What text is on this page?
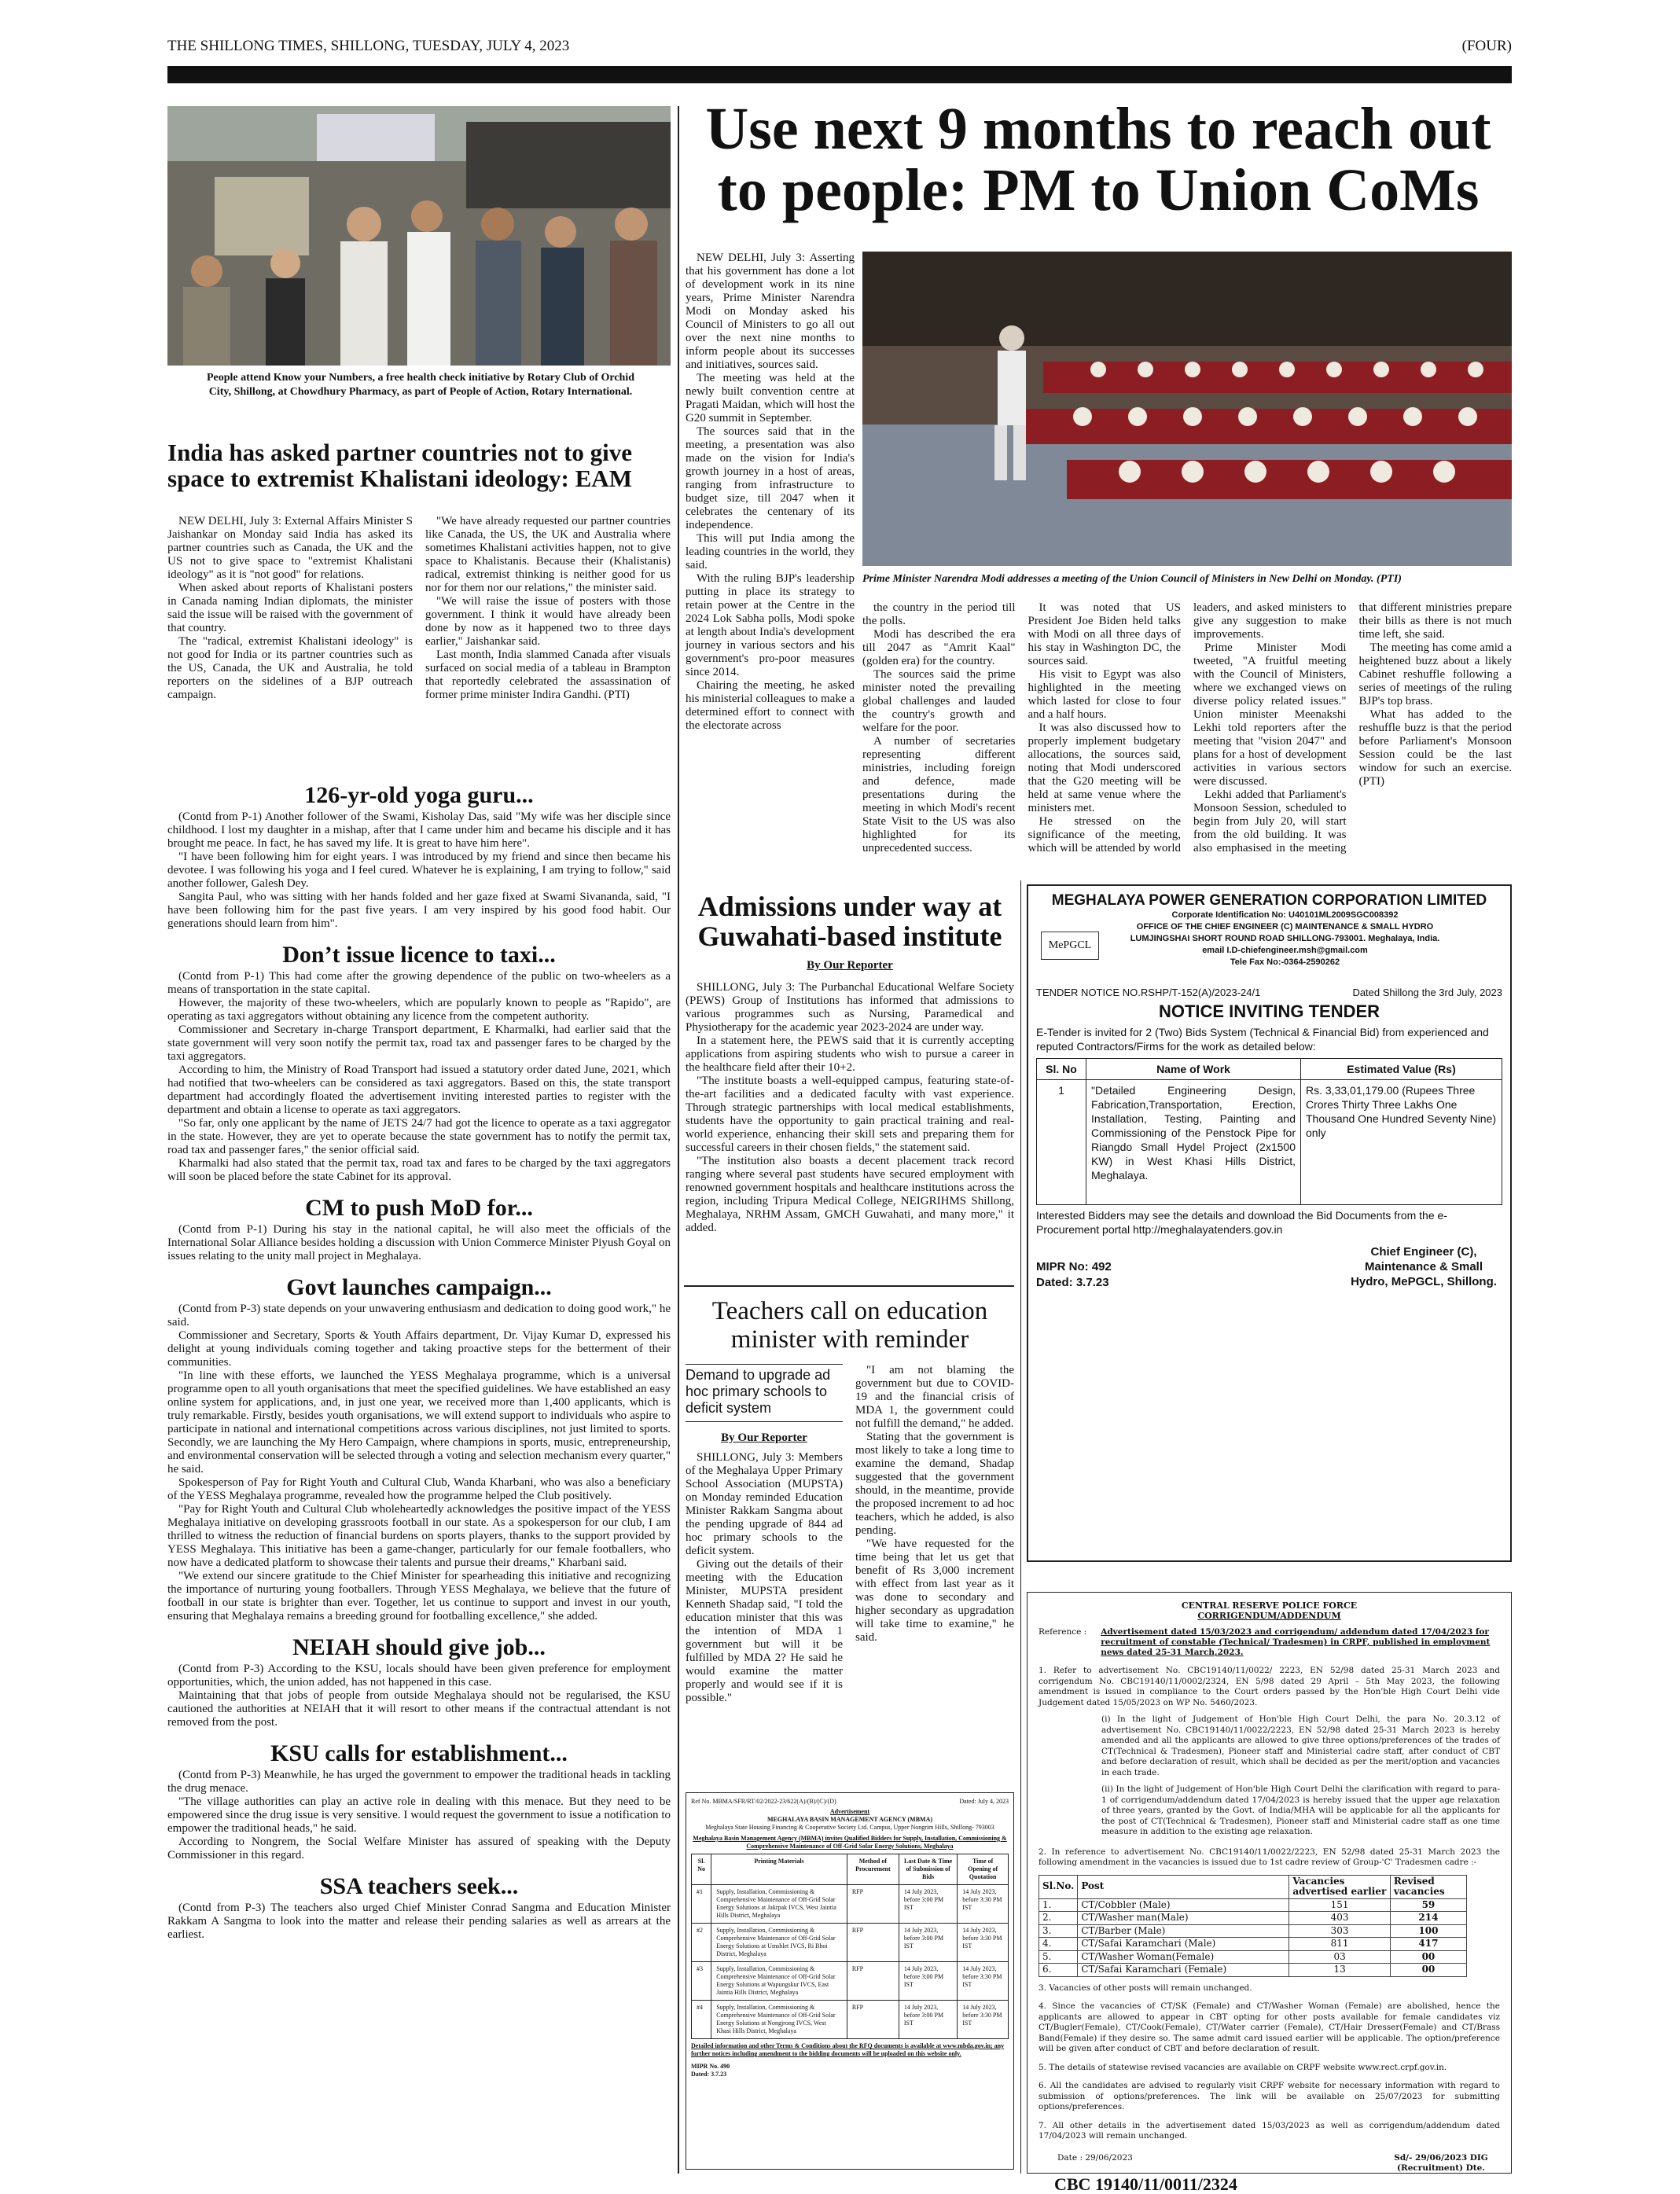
THE SHILLONG TIMES, SHILLONG, TUESDAY, JULY 4, 2023	(FOUR)
People attend Know your Numbers, a free health check initiative by Rotary Club of Orchid City, Shillong, at Chowdhury Pharmacy, as part of People of Action, Rotary International.
India has asked partner countries not to give space to extremist Khalistani ideology: EAM

NEW DELHI, July 3: External Affairs Minister S Jaishankar on Monday said India has asked its partner countries such as Canada, the UK and the US not to give space to "extremist Khalistani ideology" as it is "not good" for relations.

When asked about reports of Khalistani posters in Canada naming Indian diplomats, the minister said the issue will be raised with the government of that country.

The "radical, extremist Khalistani ideology" is not good for India or its partner countries such as the US, Canada, the UK and Australia, he told reporters on the sidelines of a BJP outreach campaign.

"We have already requested our partner countries like Canada, the US, the UK and Australia where sometimes Khalistani activities happen, not to give space to Khalistanis. Because their (Khalistanis) radical, extremist thinking is neither good for us nor for them nor our relations," the minister said.

"We will raise the issue of posters with those government. I think it would have already been done by now as it happened two to three days earlier," Jaishankar said.

Last month, India slammed Canada after visuals surfaced on social media of a tableau in Brampton that reportedly celebrated the assassination of former prime minister Indira Gandhi. (PTI)

126-yr-old yoga guru...

(Contd from P-1) Another follower of the Swami, Kisholay Das, said "My wife was her disciple since childhood. I lost my daughter in a mishap, after that I came under him and became his disciple and it has brought me peace. In fact, he has saved my life. It is great to have him here".

"I have been following him for eight years. I was introduced by my friend and since then became his devotee. I was following his yoga and I feel cured. Whatever he is explaining, I am trying to follow," said another follower, Galesh Dey.

Sangita Paul, who was sitting with her hands folded and her gaze fixed at Swami Sivananda, said, "I have been following him for the past five years. I am very inspired by his good food habit. Our generations should learn from him".

Don’t issue licence to taxi...

(Contd from P-1) This had come after the growing dependence of the public on two-wheelers as a means of transportation in the state capital.

However, the majority of these two-wheelers, which are popularly known to people as "Rapido", are operating as taxi aggregators without obtaining any licence from the competent authority.

Commissioner and Secretary in-charge Transport department, E Kharmalki, had earlier said that the state government will very soon notify the permit tax, road tax and passenger fares to be charged by the taxi aggregators.

According to him, the Ministry of Road Transport had issued a statutory order dated June, 2021, which had notified that two-wheelers can be considered as taxi aggregators. Based on this, the state transport department had accordingly floated the advertisement inviting interested parties to register with the department and obtain a license to operate as taxi aggregators.

"So far, only one applicant by the name of JETS 24/7 had got the licence to operate as a taxi aggregator in the state. However, they are yet to operate because the state government has to notify the permit tax, road tax and passenger fares," the senior official said.

Kharmalki had also stated that the permit tax, road tax and fares to be charged by the taxi aggregators will soon be placed before the state Cabinet for its approval.

CM to push MoD for...

(Contd from P-1) During his stay in the national capital, he will also meet the officials of the International Solar Alliance besides holding a discussion with Union Commerce Minister Piyush Goyal on issues relating to the unity mall project in Meghalaya.

Govt launches campaign...

(Contd from P-3) state depends on your unwavering enthusiasm and dedication to doing good work," he said.

Commissioner and Secretary, Sports & Youth Affairs department, Dr. Vijay Kumar D, expressed his delight at young individuals coming together and taking proactive steps for the betterment of their communities.

"In line with these efforts, we launched the YESS Meghalaya programme, which is a universal programme open to all youth organisations that meet the specified guidelines. We have established an easy online system for applications, and, in just one year, we received more than 1,400 applicants, which is truly remarkable. Firstly, besides youth organisations, we will extend support to individuals who aspire to participate in national and international competitions across various disciplines, not just limited to sports. Secondly, we are launching the My Hero Campaign, where champions in sports, music, entrepreneurship, and environmental conservation will be selected through a voting and selection mechanism every quarter," he said.

Spokesperson of Pay for Right Youth and Cultural Club, Wanda Kharbani, who was also a beneficiary of the YESS Meghalaya programme, revealed how the programme helped the Club positively.

"Pay for Right Youth and Cultural Club wholeheartedly acknowledges the positive impact of the YESS Meghalaya initiative on developing grassroots football in our state. As a spokesperson for our club, I am thrilled to witness the reduction of financial burdens on sports players, thanks to the support provided by YESS Meghalaya. This initiative has been a game-changer, particularly for our female footballers, who now have a dedicated platform to showcase their talents and pursue their dreams," Kharbani said.

"We extend our sincere gratitude to the Chief Minister for spearheading this initiative and recognizing the importance of nurturing young footballers. Through YESS Meghalaya, we believe that the future of football in our state is brighter than ever. Together, let us continue to support and invest in our youth, ensuring that Meghalaya remains a breeding ground for footballing excellence," she added.

NEIAH should give job...

(Contd from P-3) According to the KSU, locals should have been given preference for employment opportunities, which, the union added, has not happened in this case.

Maintaining that that jobs of people from outside Meghalaya should not be regularised, the KSU cautioned the authorities at NEIAH that it will resort to other means if the contractual attendant is not removed from the post.

KSU calls for establishment...

(Contd from P-3) Meanwhile, he has urged the government to empower the traditional heads in tackling the drug menace.

"The village authorities can play an active role in dealing with this menace. But they need to be empowered since the drug issue is very sensitive. I would request the government to issue a notification to empower the traditional heads," he said.

According to Nongrem, the Social Welfare Minister has assured of speaking with the Deputy Commissioner in this regard.

SSA teachers seek...

(Contd from P-3) The teachers also urged Chief Minister Conrad Sangma and Education Minister Rakkam A Sangma to look into the matter and release their pending salaries as well as arrears at the earliest.

Use next 9 months to reach out to people: PM to Union CoMs

NEW DELHI, July 3: Asserting that his government has done a lot of development work in its nine years, Prime Minister Narendra Modi on Monday asked his Council of Ministers to go all out over the next nine months to inform people about its successes and initiatives, sources said.

The meeting was held at the newly built convention centre at Pragati Maidan, which will host the G20 summit in September.

The sources said that in the meeting, a presentation was also made on the vision for India's growth journey in a host of areas, ranging from infrastructure to budget size, till 2047 when it celebrates the centenary of its independence.

This will put India among the leading countries in the world, they said.

With the ruling BJP's leadership putting in place its strategy to retain power at the Centre in the 2024 Lok Sabha polls, Modi spoke at length about India's development journey in various sectors and his government's pro-poor measures since 2014.

Chairing the meeting, he asked his ministerial colleagues to make a determined effort to connect with the electorate across

Prime Minister Narendra Modi addresses a meeting of the Union Council of Ministers in New Delhi on Monday. (PTI)

the country in the period till the polls.

Modi has described the era till 2047 as "Amrit Kaal" (golden era) for the country.

The sources said the prime minister noted the prevailing global challenges and lauded the country's growth and welfare for the poor.

A number of secretaries representing different ministries, including foreign and defence, made presentations during the meeting in which Modi's recent State Visit to the US was also highlighted for its unprecedented success.

It was noted that US President Joe Biden held talks with Modi on all three days of his stay in Washington DC, the sources said.

His visit to Egypt was also highlighted in the meeting which lasted for close to four and a half hours.

It was also discussed how to properly implement budgetary allocations, the sources said, noting that Modi underscored that the G20 meeting will be held at same venue where the ministers met.

He stressed on the significance of the meeting, which will be attended by world leaders, and asked ministers to give any suggestion to make improvements.

Prime Minister Modi tweeted, "A fruitful meeting with the Council of Ministers, where we exchanged views on diverse policy related issues." Union minister Meenakshi Lekhi told reporters after the meeting that "vision 2047" and plans for a host of development activities in various sectors were discussed.

Lekhi added that Parliament's Monsoon Session, scheduled to begin from July 20, will start from the old building. It was also emphasised in the meeting that different ministries prepare their bills as there is not much time left, she said.

The meeting has come amid a heightened buzz about a likely Cabinet reshuffle following a series of meetings of the ruling BJP's top brass.

What has added to the reshuffle buzz is that the period before Parliament's Monsoon Session could be the last window for such an exercise. (PTI)

Admissions under way at Guwahati-based institute
By Our Reporter

SHILLONG, July 3: The Purbanchal Educational Welfare Society (PEWS) Group of Institutions has informed that admissions to various programmes such as Nursing, Paramedical and Physiotherapy for the academic year 2023-2024 are under way.

In a statement here, the PEWS said that it is currently accepting applications from aspiring students who wish to pursue a career in the healthcare field after their 10+2.

"The institute boasts a well-equipped campus, featuring state-of-the-art facilities and a dedicated faculty with vast experience. Through strategic partnerships with local medical establishments, students have the opportunity to gain practical training and real-world experience, enhancing their skill sets and preparing them for successful careers in their chosen fields," the statement said.

"The institution also boasts a decent placement track record ranging where several past students have secured employment with renowned government hospitals and healthcare institutions across the region, including Tripura Medical College, NEIGRIHMS Shillong, Meghalaya, NRHM Assam, GMCH Guwahati, and many more," it added.

Teachers call on education minister with reminder
Demand to upgrade ad hoc primary schools to deficit system
By Our Reporter

SHILLONG, July 3: Members of the Meghalaya Upper Primary School Association (MUPSTA) on Monday reminded Education Minister Rakkam Sangma about the pending upgrade of 844 ad hoc primary schools to the deficit system.

Giving out the details of their meeting with the Education Minister, MUPSTA president Kenneth Shadap said, "I told the education minister that this was the intention of MDA 1 government but will it be fulfilled by MDA 2? He said he would examine the matter properly and would see if it is possible."

"I am not blaming the government but due to COVID-19 and the financial crisis of MDA 1, the government could not fulfill the demand," he added.

Stating that the government is most likely to take a long time to examine the demand, Shadap suggested that the government should, in the meantime, provide the proposed increment to ad hoc teachers, which he added, is also pending.

"We have requested for the time being that let us get that benefit of Rs 3,000 increment with effect from last year as it was done to secondary and higher secondary as upgradation will take time to examine," he said.

Ref No. MBMA/SFR/RT/02/2022-23/622(A)/(B)/(C)/(D)	Dated: July 4, 2023
Advertisement
MEGHALAYA BASIN MANAGEMENT AGENCY (MBMA)
Meghalaya State Housing Financing & Cooperative Society Ltd. Campus, Upper Nongrim Hills, Shillong- 793003
Meghalaya Basin Management Agency (MBMA) invites Qualified Bidders for Supply, Installation, Commissioning & Comprehensive Maintenance of Off-Grid Solar Energy Solutions, Meghalaya
Sl. No	Printing Materials	Method of Procurement	Last Date & Time of Submission of Bids	Time of Opening of Quotation
#1	Supply, Installation, Commissioning & Comprehensive Maintenance of Off-Grid Solar Energy Solutions at Jakrpak IVCS, West Jaintia Hills District, Meghalaya	RFP	14 July 2023, before 3:00 PM IST	14 July 2023, before 3:30 PM IST
#2	Supply, Installation, Commissioning & Comprehensive Maintenance of Off-Grid Solar Energy Solutions at Umshlet IVCS, Ri Bhoi District, Meghalaya	RFP	14 July 2023, before 3:00 PM IST	14 July 2023, before 3:30 PM IST
#3	Supply, Installation, Commissioning & Comprehensive Maintenance of Off-Grid Solar Energy Solutions at Wapungskur IVCS, East Jaintia Hills District, Meghalaya	RFP	14 July 2023, before 3:00 PM IST	14 July 2023, before 3:30 PM IST
#4	Supply, Installation, Commissioning & Comprehensive Maintenance of Off-Grid Solar Energy Solutions at Nongjrong IVCS, West Khasi Hills District, Meghalaya	RFP	14 July 2023, before 3:00 PM IST	14 July 2023, before 3:30 PM IST
Detailed information and other Terms & Conditions about the RFQ documents is available at www.mbda.gov.in; any further notices including amendment to the bidding documents will be uploaded on this website only.
MIPR No. 490
Dated: 3.7.23
MEGHALAYA POWER GENERATION CORPORATION LIMITED
MePGCL
Corporate Identification No: U40101ML2009SGC008392
OFFICE OF THE CHIEF ENGINEER (C) MAINTENANCE & SMALL HYDRO
LUMJINGSHAI SHORT ROUND ROAD SHILLONG-793001. Meghalaya, India.
email I.D-chiefengineer.msh@gmail.com
Tele Fax No:-0364-2590262
TENDER NOTICE NO.RSHP/T-152(A)/2023-24/1	Dated Shillong the 3rd July, 2023
NOTICE INVITING TENDER
E-Tender is invited for 2 (Two) Bids System (Technical & Financial Bid) from experienced and reputed Contractors/Firms for the work as detailed below:
Sl. No	Name of Work	Estimated Value (Rs)
1	"Detailed Engineering Design, Fabrication,Transportation, Erection, Installation, Testing, Painting and Commissioning of the Penstock Pipe for Riangdo Small Hydel Project (2x1500 KW) in West Khasi Hills District, Meghalaya.	Rs. 3,33,01,179.00 (Rupees Three Crores Thirty Three Lakhs One Thousand One Hundred Seventy Nine) only
Interested Bidders may see the details and download the Bid Documents from the e-Procurement portal http://meghalayatenders.gov.in
MIPR No: 492
Dated: 3.7.23
Chief Engineer (C), Maintenance & Small Hydro, MePGCL, Shillong.
CENTRAL RESERVE POLICE FORCE
CORRIGENDUM/ADDENDUM
Reference : Advertisement dated 15/03/2023 and corrigendum/ addendum dated 17/04/2023 for recruitment of constable (Technical/ Tradesmen) in CRPF, published in employment news dated 25-31 March,2023.
1. Refer to advertisement No. CBC19140/11/0022/ 2223, EN 52/98 dated 25-31 March 2023 and corrigendum No. CBC19140/11/0002/2324, EN 5/98 dated 29 April – 5th May 2023, the following amendment is issued in compliance to the Court orders passed by the Hon'ble High Court Delhi vide Judgement dated 15/05/2023 on WP No. 5460/2023.
(i) In the light of Judgement of Hon'ble High Court Delhi, the para No. 20.3.12 of advertisement No. CBC19140/11/0022/2223, EN 52/98 dated 25-31 March 2023 is hereby amended and all the applicants are allowed to give three options/preferences of the trades of CT(Technical & Tradesmen), Pioneer staff and Ministerial cadre staff, after conduct of CBT and before declaration of result, which shall be decided as per the merit/option and vacancies in each trade.
(ii) In the light of Judgement of Hon'ble High Court Delhi the clarification with regard to para-1 of corrigendum/addendum dated 17/04/2023 is hereby issued that the upper age relaxation of three years, granted by the Govt. of India/MHA will be applicable for all the applicants for the post of CT(Technical & Tradesmen), Pioneer staff and Ministerial cadre staff as one time measure in addition to the existing age relaxation.
2. In reference to advertisement No. CBC19140/11/0022/2223, EN 52/98 dated 25-31 March 2023 the following amendment in the vacancies is issued due to 1st cadre review of Group-'C' Tradesmen cadre :-
Sl.No.	Post	Vacancies advertised earlier	Revised vacancies
1.	CT/Cobbler (Male)	151	59
2.	CT/Washer man(Male)	403	214
3.	CT/Barber (Male)	303	100
4.	CT/Safai Karamchari (Male)	811	417
5.	CT/Washer Woman(Female)	03	00
6.	CT/Safai Karamchari (Female)	13	00
3. Vacancies of other posts will remain unchanged.
4. Since the vacancies of CT/SK (Female) and CT/Washer Woman (Female) are abolished, hence the applicants are allowed to appear in CBT opting for other posts available for female candidates viz CT/Bugler(Female), CT/Cook(Female), CT/Water carrier (Female), CT/Hair Dresser(Female) and CT/Brass Band(Female) if they desire so. The same admit card issued earlier will be applicable. The option/preference will be given after conduct of CBT and before declaration of result.
5. The details of statewise revised vacancies are available on CRPF website www.rect.crpf.gov.in.
6. All the candidates are advised to regularly visit CRPF website for necessary information with regard to submission of options/preferences. The link will be available on 25/07/2023 for submitting options/preferences.
7. All other details in the advertisement dated 15/03/2023 as well as corrigendum/addendum dated 17/04/2023 will remain unchanged.
Date : 29/06/2023	Sd/- 29/06/2023 DIG (Recruitment) Dte.
CBC 19140/11/0011/2324
